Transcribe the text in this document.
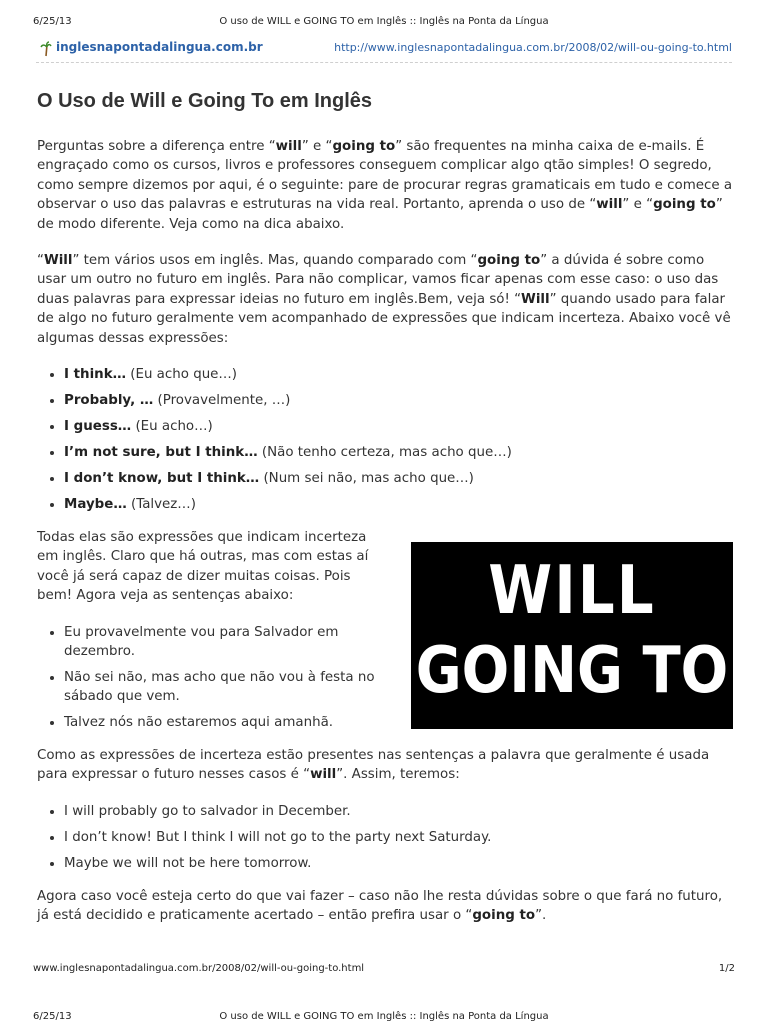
6/25/13	O uso de WILL e GOING TO em Inglês :: Inglês na Ponta da Língua
inglesnapontadalingua.com.br	http://www.inglesnapontadalingua.com.br/2008/02/will-ou-going-to.html
O Uso de Will e Going To em Inglês

Perguntas sobre a diferença entre “will” e “going to” são frequentes na minha caixa de e-mails. É engraçado como os cursos, livros e professores conseguem complicar algo qtão simples! O segredo, como sempre dizemos por aqui, é o seguinte: pare de procurar regras gramaticais em tudo e comece a observar o uso das palavras e estruturas na vida real. Portanto, aprenda o uso de “will” e “going to” de modo diferente. Veja como na dica abaixo.

“Will” tem vários usos em inglês. Mas, quando comparado com “going to” a dúvida é sobre como usar um outro no futuro em inglês. Para não complicar, vamos ficar apenas com esse caso: o uso das duas palavras para expressar ideias no futuro em inglês.Bem, veja só! “Will” quando usado para falar de algo no futuro geralmente vem acompanhado de expressões que indicam incerteza. Abaixo você vê algumas dessas expressões:

• I think… (Eu acho que…)
• Probably, … (Provavelmente, …)
• I guess… (Eu acho…)
• I’m not sure, but I think… (Não tenho certeza, mas acho que…)
• I don’t know, but I think… (Num sei não, mas acho que…)
• Maybe… (Talvez…)
WILL
GOING TO

Todas elas são expressões que indicam incerteza em inglês. Claro que há outras, mas com estas aí você já será capaz de dizer muitas coisas. Pois bem! Agora veja as sentenças abaixo:

• Eu provavelmente vou para Salvador em dezembro.
• Não sei não, mas acho que não vou à festa no sábado que vem.
• Talvez nós não estaremos aqui amanhã.

Como as expressões de incerteza estão presentes nas sentenças a palavra que geralmente é usada para expressar o futuro nesses casos é “will”. Assim, teremos:

• I will probably go to salvador in December.
• I don’t know! But I think I will not go to the party next Saturday.
• Maybe we will not be here tomorrow.

Agora caso você esteja certo do que vai fazer – caso não lhe resta dúvidas sobre o que fará no futuro, já está decidido e praticamente acertado – então prefira usar o “going to”.

www.inglesnapontadalingua.com.br/2008/02/will-ou-going-to.html	1/2
6/25/13	O uso de WILL e GOING TO em Inglês :: Inglês na Ponta da Língua
